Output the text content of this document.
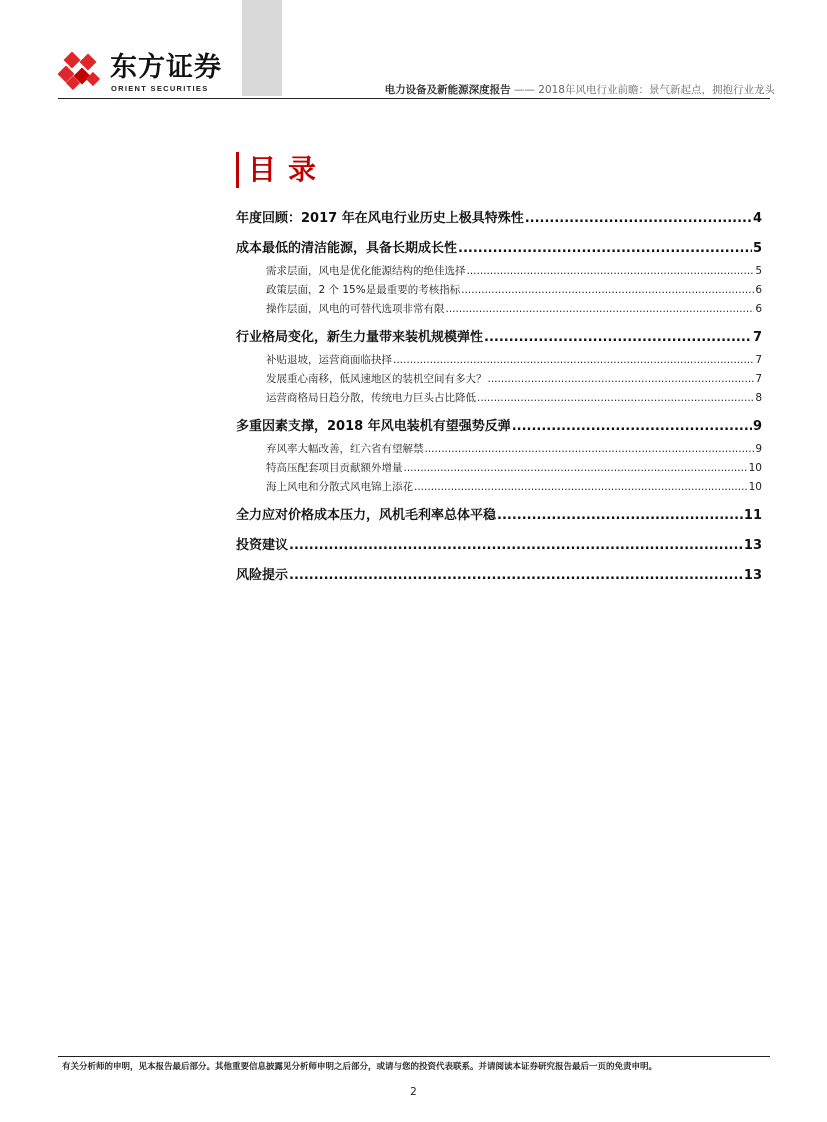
东方证券
ORIENT SECURITIES	电力设备及新能源深度报告 —— 2018年风电行业前瞻：景气新起点，拥抱行业龙头
目录
年度回顾：2017 年在风电行业历史上极具特殊性 .....	4
成本最低的清洁能源，具备长期成长性 .....	5
需求层面，风电是优化能源结构的绝佳选择 .....	5
政策层面，2 个 15%是最重要的考核指标 .....	6
操作层面，风电的可替代选项非常有限 .....	6
行业格局变化，新生力量带来装机规模弹性 .....	7
补贴退坡，运营商面临抉择 .....	7
发展重心南移，低风速地区的装机空间有多大？ .....	7
运营商格局日趋分散，传统电力巨头占比降低 .....	8
多重因素支撑，2018 年风电装机有望强势反弹 .....	9
弃风率大幅改善，红六省有望解禁 .....	9
特高压配套项目贡献额外增量 .....	10
海上风电和分散式风电锦上添花 .....	10
全力应对价格成本压力，风机毛利率总体平稳 .....	11
投资建议 .....	13
风险提示 .....	13
有关分析师的申明，见本报告最后部分。其他重要信息披露见分析师申明之后部分，或请与您的投资代表联系。并请阅读本证券研究报告最后一页的免责申明。
2
